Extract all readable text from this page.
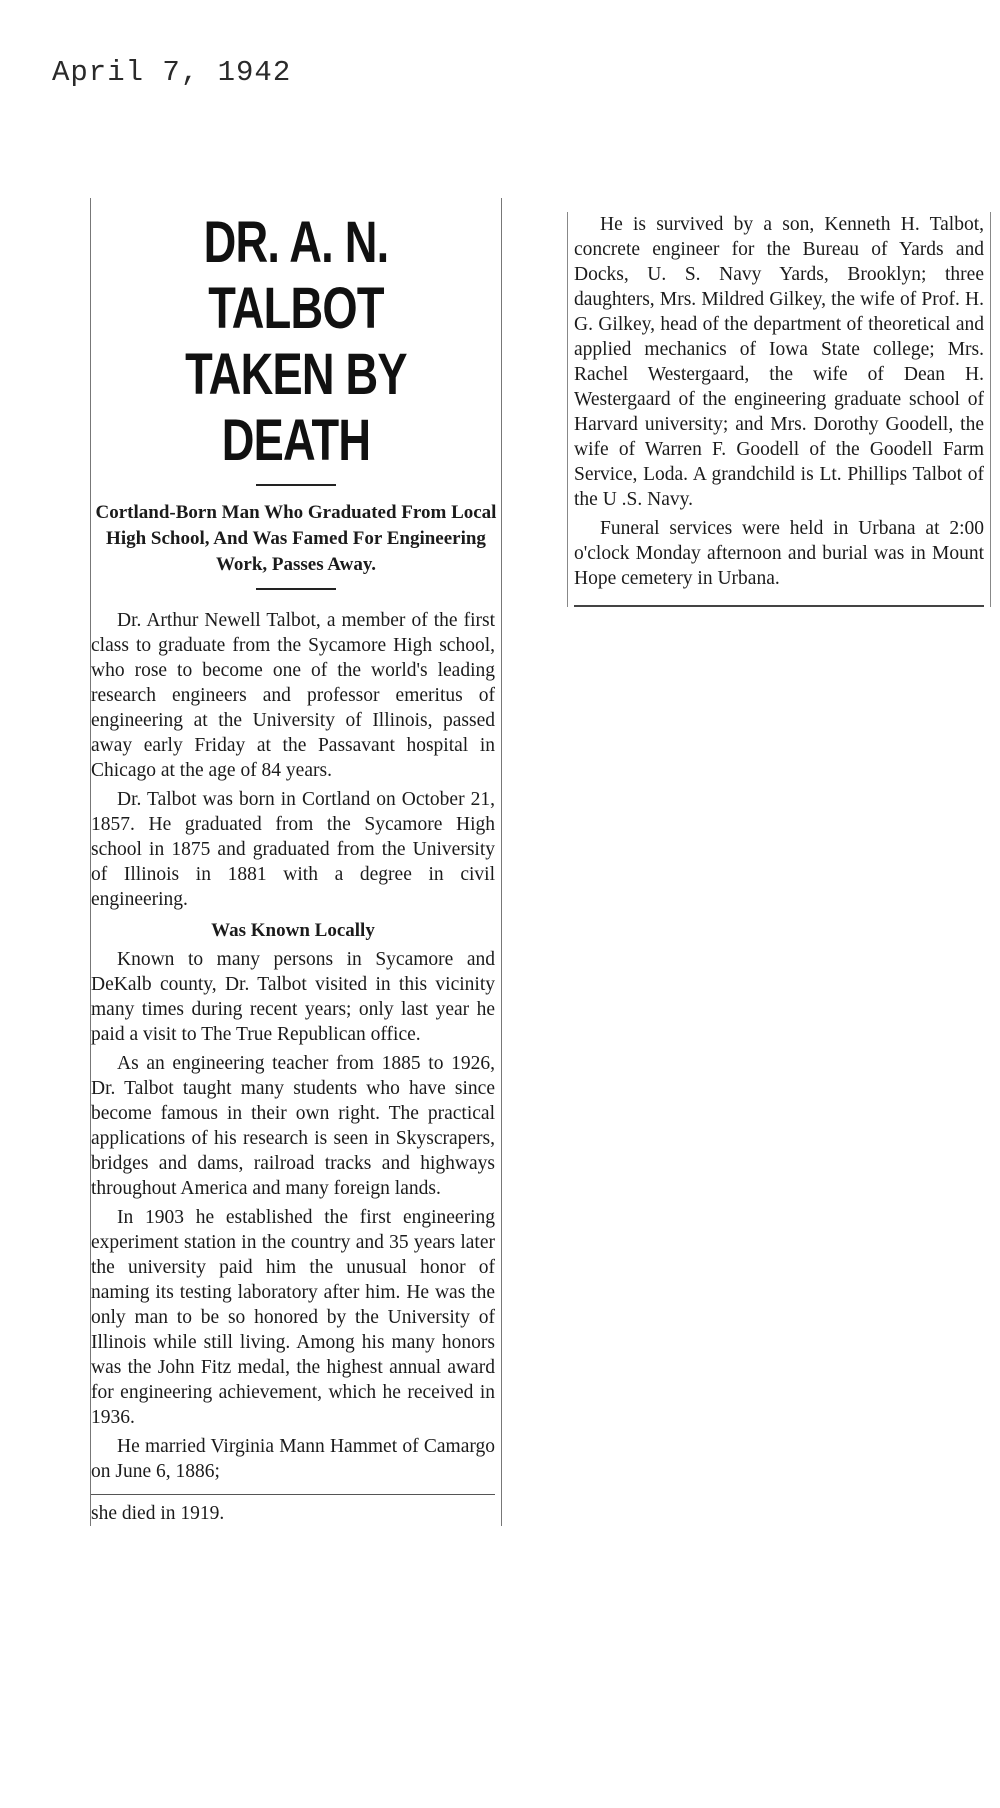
April 7, 1942
DR. A. N. TALBOT
TAKEN BY DEATH
Cortland-Born Man Who Graduated From Local High School, And Was Famed For Engineering Work, Passes Away.

Dr. Arthur Newell Talbot, a member of the first class to graduate from the Sycamore High school, who rose to become one of the world's leading research engineers and professor emeritus of engineering at the University of Illinois, passed away early Friday at the Passavant hospital in Chicago at the age of 84 years.

Dr. Talbot was born in Cortland on October 21, 1857. He graduated from the Sycamore High school in 1875 and graduated from the University of Illinois in 1881 with a degree in civil engineering.

Was Known Locally

Known to many persons in Sycamore and DeKalb county, Dr. Talbot visited in this vicinity many times during recent years; only last year he paid a visit to The True Republican office.

As an engineering teacher from 1885 to 1926, Dr. Talbot taught many students who have since become famous in their own right. The practical applications of his research is seen in Skyscrapers, bridges and dams, railroad tracks and highways throughout America and many foreign lands.

In 1903 he established the first engineering experiment station in the country and 35 years later the university paid him the unusual honor of naming its testing laboratory after him. He was the only man to be so honored by the University of Illinois while still living. Among his many honors was the John Fitz medal, the highest annual award for engineering achievement, which he received in 1936.

He married Virginia Mann Hammet of Camargo on June 6, 1886;

she died in 1919.

He is survived by a son, Kenneth H. Talbot, concrete engineer for the Bureau of Yards and Docks, U. S. Navy Yards, Brooklyn; three daughters, Mrs. Mildred Gilkey, the wife of Prof. H. G. Gilkey, head of the department of theoretical and applied mechanics of Iowa State college; Mrs. Rachel Westergaard, the wife of Dean H. Westergaard of the engineering graduate school of Harvard university; and Mrs. Dorothy Goodell, the wife of Warren F. Goodell of the Goodell Farm Service, Loda. A grandchild is Lt. Phillips Talbot of the U .S. Navy.

Funeral services were held in Urbana at 2:00 o'clock Monday afternoon and burial was in Mount Hope cemetery in Urbana.
